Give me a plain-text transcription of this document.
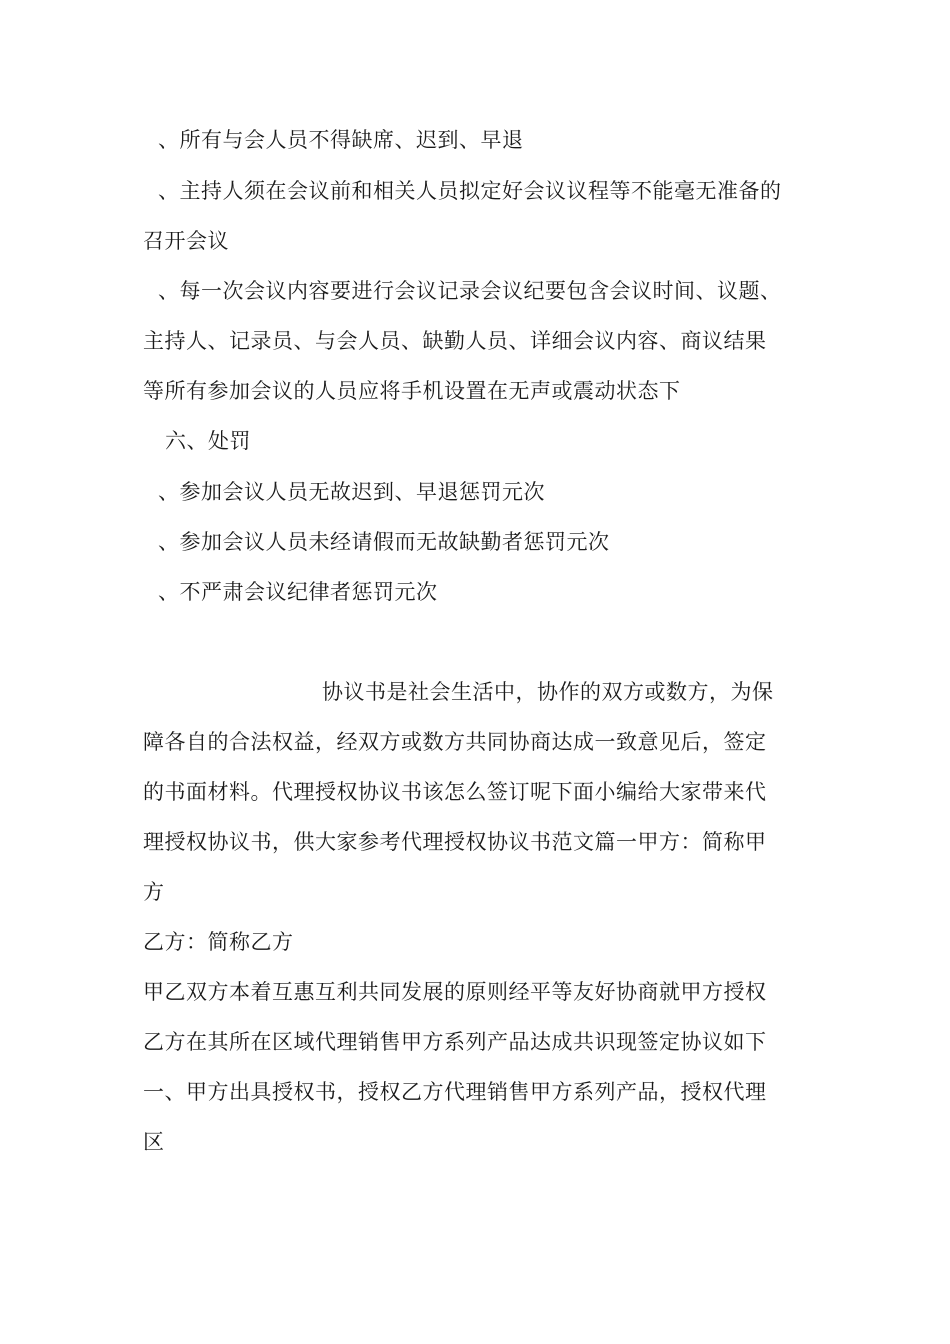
、所有与会人员不得缺席、迟到、早退
、主持人须在会议前和相关人员拟定好会议议程等不能毫无准备的
召开会议
、每一次会议内容要进行会议记录会议纪要包含会议时间、议题、
主持人、记录员、与会人员、缺勤人员、详细会议内容、商议结果
等所有参加会议的人员应将手机设置在无声或震动状态下
六、处罚
、参加会议人员无故迟到、早退惩罚元次
、参加会议人员未经请假而无故缺勤者惩罚元次
、不严肃会议纪律者惩罚元次
协议书是社会生活中，协作的双方或数方，为保
障各自的合法权益，经双方或数方共同协商达成一致意见后，签定
的书面材料。代理授权协议书该怎么签订呢下面小编给大家带来代
理授权协议书，供大家参考代理授权协议书范文篇一甲方：简称甲
方
乙方：简称乙方
甲乙双方本着互惠互利共同发展的原则经平等友好协商就甲方授权
乙方在其所在区域代理销售甲方系列产品达成共识现签定协议如下
一、甲方出具授权书，授权乙方代理销售甲方系列产品，授权代理
区
